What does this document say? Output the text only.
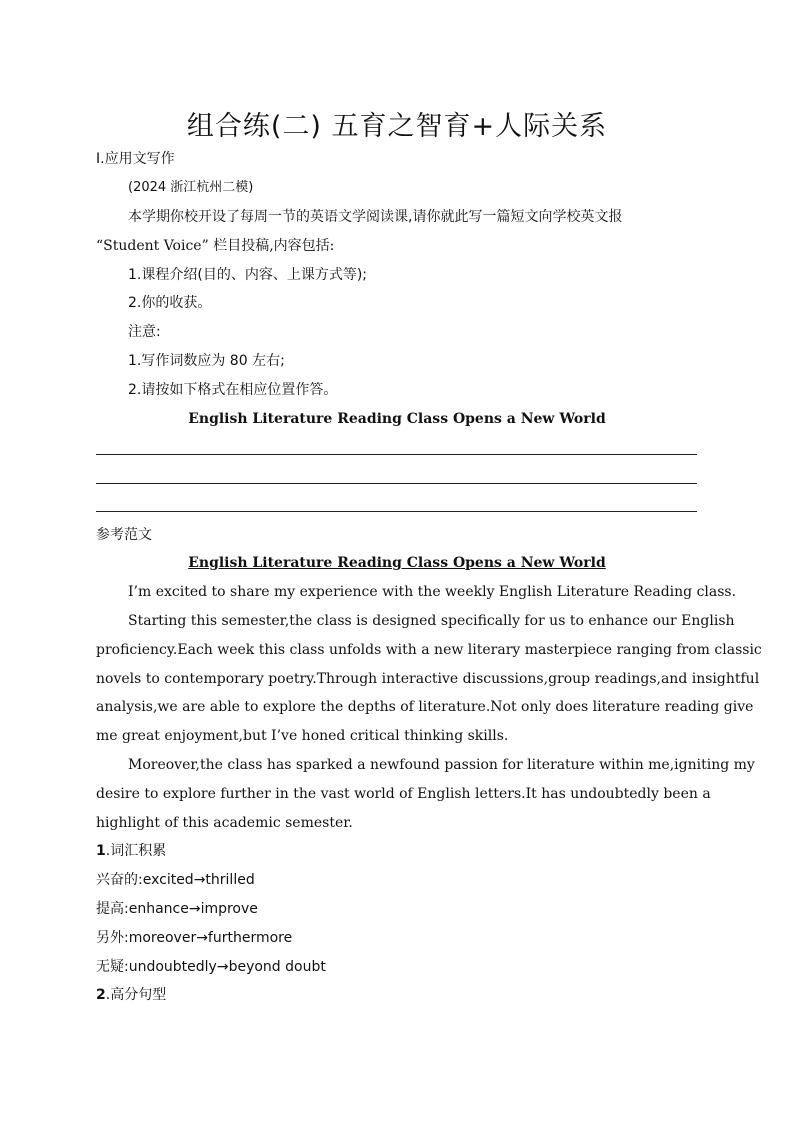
组合练(二) 五育之智育+人际关系
Ⅰ.应用文写作
(2024 浙江杭州二模)
本学期你校开设了每周一节的英语文学阅读课,请你就此写一篇短文向学校英文报
“Student Voice” 栏目投稿,内容包括:
1.课程介绍(目的、内容、上课方式等);
2.你的收获。
注意:
1.写作词数应为 80 左右;
2.请按如下格式在相应位置作答。
English Literature Reading Class Opens a New World
参考范文
English Literature Reading Class Opens a New World
I’m excited to share my experience with the weekly English Literature Reading class.
Starting this semester,the class is designed specifically for us to enhance our English
proficiency.Each week this class unfolds with a new literary masterpiece ranging from classic
novels to contemporary poetry.Through interactive discussions,group readings,and insightful
analysis,we are able to explore the depths of literature.Not only does literature reading give
me great enjoyment,but I’ve honed critical thinking skills.
Moreover,the class has sparked a newfound passion for literature within me,igniting my
desire to explore further in the vast world of English letters.It has undoubtedly been a
highlight of this academic semester.
1.词汇积累
兴奋的:excited→thrilled
提高:enhance→improve
另外:moreover→furthermore
无疑:undoubtedly→beyond doubt
2.高分句型
